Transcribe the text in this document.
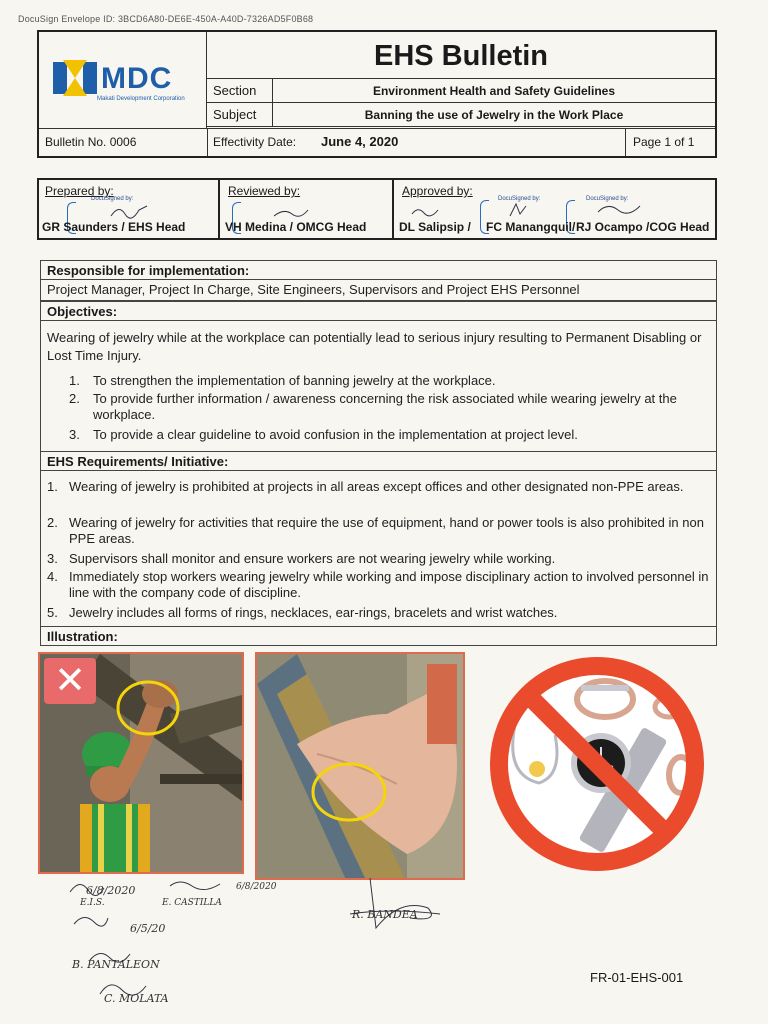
DocuSign Envelope ID: 3BCD6A80-DE6E-450A-A40D-7326AD5F0B68
MDC
Makati Development Corporation
EHS Bulletin
Section	Environment Health and Safety Guidelines
Subject	Banning the use of Jewelry in the Work Place
Bulletin No. 0006	Effectivity Date:	June 4, 2020	Page 1 of 1
Prepared by:
DocuSigned by:
GR Saunders / EHS Head
Reviewed by:
VH Medina / OMCG Head
Approved by:
DocuSigned by:	DocuSigned by:
DL Salipsip / FC Manangquil/ RJ Ocampo /COG Head
Responsible for implementation:
Project Manager, Project In Charge, Site Engineers, Supervisors and Project EHS Personnel
Objectives:
Wearing of jewelry while at the workplace can potentially lead to serious injury resulting to Permanent Disabling or Lost Time Injury.
1. To strengthen the implementation of banning jewelry at the workplace.
2. To provide further information / awareness concerning the risk associated while wearing jewelry at the workplace.
3. To provide a clear guideline to avoid confusion in the implementation at project level.
EHS Requirements/ Initiative:
1. Wearing of jewelry is prohibited at projects in all areas except offices and other designated non-PPE areas.
2. Wearing of jewelry for activities that require the use of equipment, hand or power tools is also prohibited in non PPE areas.
3. Supervisors shall monitor and ensure workers are not wearing jewelry while working.
4. Immediately stop workers wearing jewelry while working and impose disciplinary action to involved personnel in line with the company code of discipline.
5. Jewelry includes all forms of rings, necklaces, ear-rings, bracelets and wrist watches.
Illustration:
✕
6/8/2020
E.I.S.	E. CASTILLA
6/8/2020
6/5/20
B. PANTALEON
C. MOLATA
R. BANDEA
FR-01-EHS-001
